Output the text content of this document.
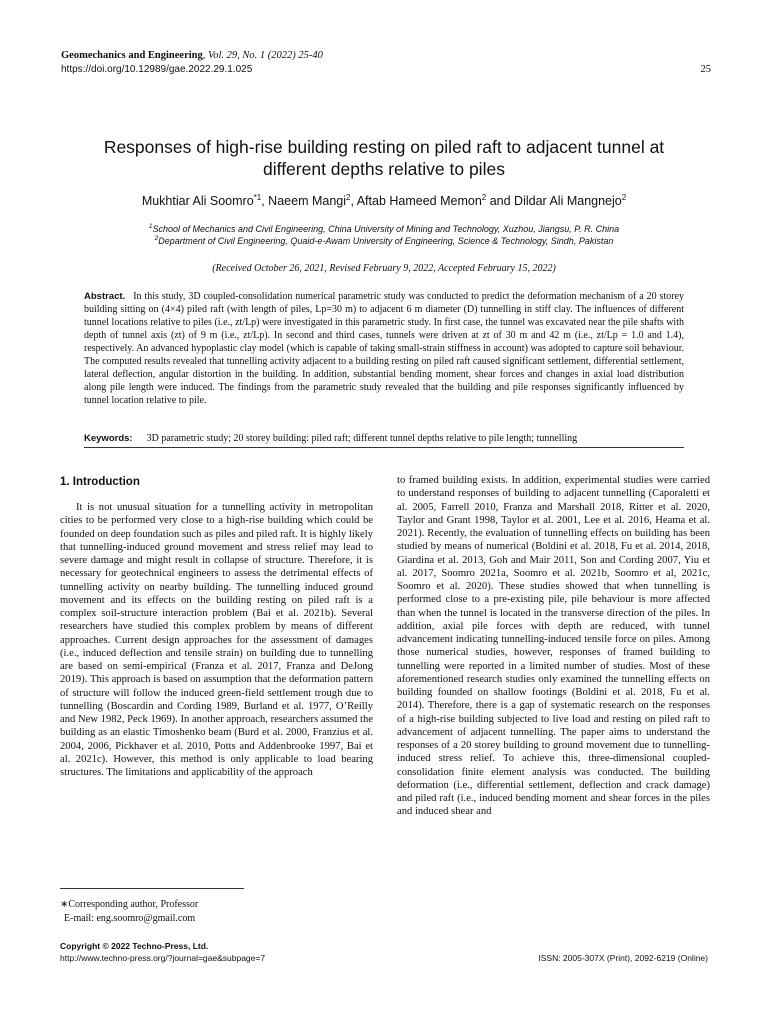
Geomechanics and Engineering, Vol. 29, No. 1 (2022) 25-40
https://doi.org/10.12989/gae.2022.29.1.025	25
Responses of high-rise building resting on piled raft to adjacent tunnel at
different depths relative to piles
Mukhtiar Ali Soomro$^{*1}$, Naeem Mangi$^2$, Aftab Hameed Memon$^2$ and Dildar Ali Mangnejo$^2$
$^1$School of Mechanics and Civil Engineering, China University of Mining and Technology, Xuzhou, Jiangsu, P. R. China
$^2$Department of Civil Engineering, Quaid-e-Awam University of Engineering, Science & Technology, Sindh, Pakistan
(Received October 26, 2021, Revised February 9, 2022, Accepted February 15, 2022)
Abstract. In this study, 3D coupled-consolidation numerical parametric study was conducted to predict the deformation mechanism of a 20 storey building sitting on (4×4) piled raft (with length of piles, Lp=30 m) to adjacent 6 m diameter (D) tunnelling in stiff clay. The influences of different tunnel locations relative to piles (i.e., zt/Lp) were investigated in this parametric study. In first case, the tunnel was excavated near the pile shafts with depth of tunnel axis (zt) of 9 m (i.e., zt/Lp). In second and third cases, tunnels were driven at zt of 30 m and 42 m (i.e., zt/Lp = 1.0 and 1.4), respectively. An advanced hypoplastic clay model (which is capable of taking small-strain stiffness in account) was adopted to capture soil behaviour. The computed results revealed that tunnelling activity adjacent to a building resting on piled raft caused significant settlement, differential settlement, lateral deflection, angular distortion in the building. In addition, substantial bending moment, shear forces and changes in axial load distribution along pile length were induced. The findings from the parametric study revealed that the building and pile responses significantly influenced by tunnel location relative to pile.
Keywords: 3D parametric study; 20 storey building: piled raft; different tunnel depths relative to pile length; tunnelling
1. Introduction

It is not unusual situation for a tunnelling activity in metropolitan cities to be performed very close to a high-rise building which could be founded on deep foundation such as piles and piled raft. It is highly likely that tunnelling-induced ground movement and stress relief may lead to severe damage and might result in collapse of structure. Therefore, it is necessary for geotechnical engineers to assess the detrimental effects of tunnelling activity on nearby building. The tunnelling induced ground movement and its effects on the building resting on piled raft is a complex soil-structure interaction problem (Bai et al. 2021b). Several researchers have studied this complex problem by means of different approaches. Current design approaches for the assessment of damages (i.e., induced deflection and tensile strain) on building due to tunnelling are based on semi-empirical (Franza et al. 2017, Franza and DeJong 2019). This approach is based on assumption that the deformation pattern of structure will follow the induced green-field settlement trough due to tunnelling (Boscardin and Cording 1989, Burland et al. 1977, O’Reilly and New 1982, Peck 1969). In another approach, researchers assumed the building as an elastic Timoshenko beam (Burd et al. 2000, Franzius et al. 2004, 2006, Pickhaver et al. 2010, Potts and Addenbrooke 1997, Bai et al. 2021c). However, this method is only applicable to load bearing structures. The limitations and applicability of the approach

to framed building exists. In addition, experimental studies were carried to understand responses of building to adjacent tunnelling (Caporaletti et al. 2005, Farrell 2010, Franza and Marshall 2018, Ritter et al. 2020, Taylor and Grant 1998, Taylor et al. 2001, Lee et al. 2016, Heama et al. 2021). Recently, the evaluation of tunnelling effects on building has been studied by means of numerical (Boldini et al. 2018, Fu et al. 2014, 2018, Giardina et al. 2013, Goh and Mair 2011, Son and Cording 2007, Yiu et al. 2017, Soomro 2021a, Soomro et al. 2021b, Soomro et al, 2021c, Soomro et al. 2020). These studies showed that when tunnelling is performed close to a pre-existing pile, pile behaviour is more affected than when the tunnel is located in the transverse direction of the piles. In addition, axial pile forces with depth are reduced, with tunnel advancement indicating tunnelling-induced tensile force on piles. Among those numerical studies, however, responses of framed building to tunnelling were reported in a limited number of studies. Most of these aforementioned research studies only examined the tunnelling effects on building founded on shallow footings (Boldini et al. 2018, Fu et al. 2014). Therefore, there is a gap of systematic research on the responses of a high-rise building subjected to live load and resting on piled raft to advancement of adjacent tunnelling. The paper aims to understand the responses of a 20 storey building to ground movement due to tunnelling- induced stress relief. To achieve this, three-dimensional coupled-consolidation finite element analysis was conducted. The building deformation (i.e., differential settlement, deflection and crack damage) and piled raft (i.e., induced bending moment and shear forces in the piles and induced shear and

∗Corresponding author, Professor
E-mail: eng.soomro@gmail.com
Copyright © 2022 Techno-Press, Ltd.
http://www.techno-press.org/?journal=gae&subpage=7	ISSN: 2005-307X (Print), 2092-6219 (Online)
